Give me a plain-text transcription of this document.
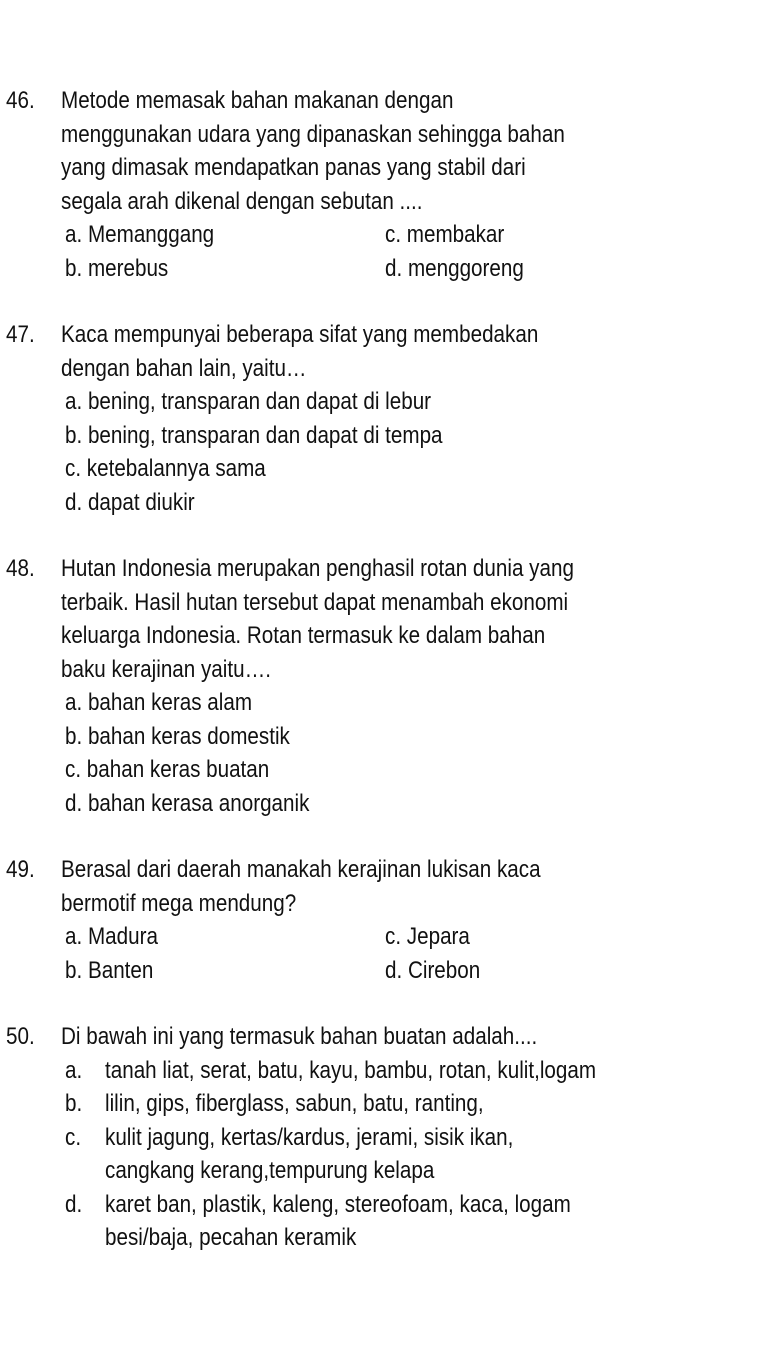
46. Metode memasak bahan makanan dengan
menggunakan udara yang dipanaskan sehingga bahan
yang dimasak mendapatkan panas yang stabil dari
segala arah dikenal dengan sebutan ....
a. Memanggang	c. membakar
b. merebus	d. menggoreng
47. Kaca mempunyai beberapa sifat yang membedakan
dengan bahan lain, yaitu…
a. bening, transparan dan dapat di lebur
b. bening, transparan dan dapat di tempa
c. ketebalannya sama
d. dapat diukir
48. Hutan Indonesia merupakan penghasil rotan dunia yang
terbaik. Hasil hutan tersebut dapat menambah ekonomi
keluarga Indonesia. Rotan termasuk ke dalam bahan
baku kerajinan yaitu….
a. bahan keras alam
b. bahan keras domestik
c. bahan keras buatan
d. bahan kerasa anorganik
49. Berasal dari daerah manakah kerajinan lukisan kaca
bermotif mega mendung?
a. Madura	c. Jepara
b. Banten	d. Cirebon
50. Di bawah ini yang termasuk bahan buatan adalah....
a. tanah liat, serat, batu, kayu, bambu, rotan, kulit,logam
b. lilin, gips, fiberglass, sabun, batu, ranting,
c. kulit jagung, kertas/kardus, jerami, sisik ikan,
cangkang kerang,tempurung kelapa
d. karet ban, plastik, kaleng, stereofoam, kaca, logam
besi/baja, pecahan keramik
